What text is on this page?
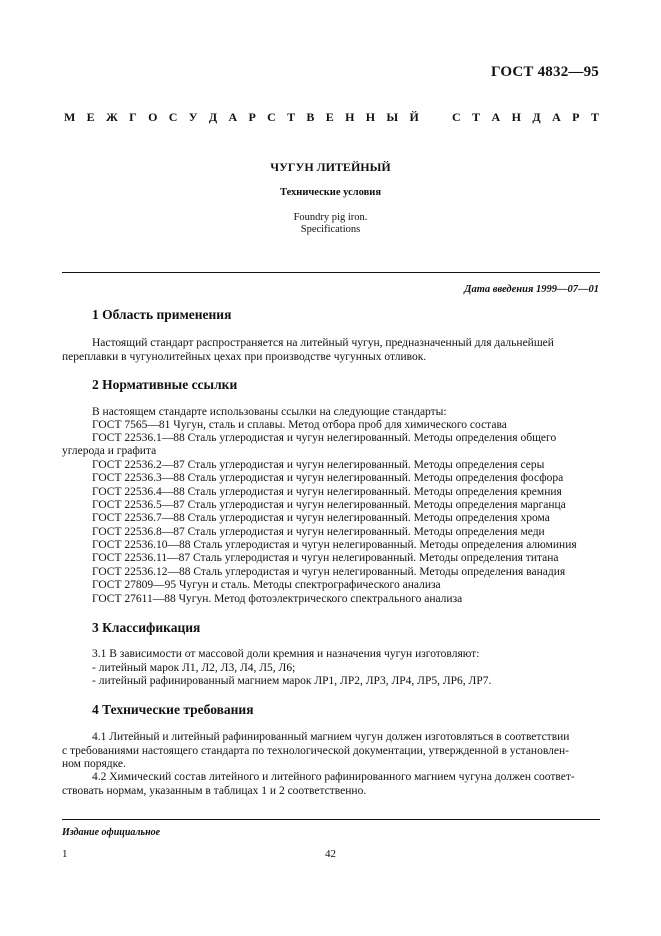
ГОСТ 4832—95
М Е Ж Г О С У Д А Р С Т В Е Н Н Ы Й	С Т А Н Д А Р Т
ЧУГУН ЛИТЕЙНЫЙ
Технические условия
Foundry pig iron.
Specifications
Дата введения 1999—07—01
1 Область применения
Настоящий стандарт распространяется на литейный чугун, предназначенный для дальнейшей
переплавки в чугунолитейных цехах при производстве чугунных отливок.
2 Нормативные ссылки
В настоящем стандарте использованы ссылки на следующие стандарты:
ГОСТ 7565—81 Чугун, сталь и сплавы. Метод отбора проб для химического состава
ГОСТ 22536.1—88 Сталь углеродистая и чугун нелегированный. Методы определения общего
углерода и графита
ГОСТ 22536.2—87 Сталь углеродистая и чугун нелегированный. Методы определения серы
ГОСТ 22536.3—88 Сталь углеродистая и чугун нелегированный. Методы определения фосфора
ГОСТ 22536.4—88 Сталь углеродистая и чугун нелегированный. Методы определения кремния
ГОСТ 22536.5—87 Сталь углеродистая и чугун нелегированный. Методы определения марганца
ГОСТ 22536.7—88 Сталь углеродистая и чугун нелегированный. Методы определения хрома
ГОСТ 22536.8—87 Сталь углеродистая и чугун нелегированный. Методы определения меди
ГОСТ 22536.10—88 Сталь углеродистая и чугун нелегированный. Методы определения алюминия
ГОСТ 22536.11—87 Сталь углеродистая и чугун нелегированный. Методы определения титана
ГОСТ 22536.12—88 Сталь углеродистая и чугун нелегированный. Методы определения ванадия
ГОСТ 27809—95 Чугун и сталь. Методы спектрографического анализа
ГОСТ 27611—88 Чугун. Метод фотоэлектрического спектрального анализа
3 Классификация
3.1 В зависимости от массовой доли кремния и назначения чугун изготовляют:
- литейный марок Л1, Л2, Л3, Л4, Л5, Л6;
- литейный рафинированный магнием марок ЛР1, ЛР2, ЛР3, ЛР4, ЛР5, ЛР6, ЛР7.
4 Технические требования
4.1 Литейный и литейный рафинированный магнием чугун должен изготовляться в соответствии
с требованиями настоящего стандарта по технологической документации, утвержденной в установлен-
ном порядке.
4.2 Химический состав литейного и литейного рафинированного магнием чугуна должен соответ-
ствовать нормам, указанным в таблицах 1 и 2 соответственно.
Издание официальное
1	42
